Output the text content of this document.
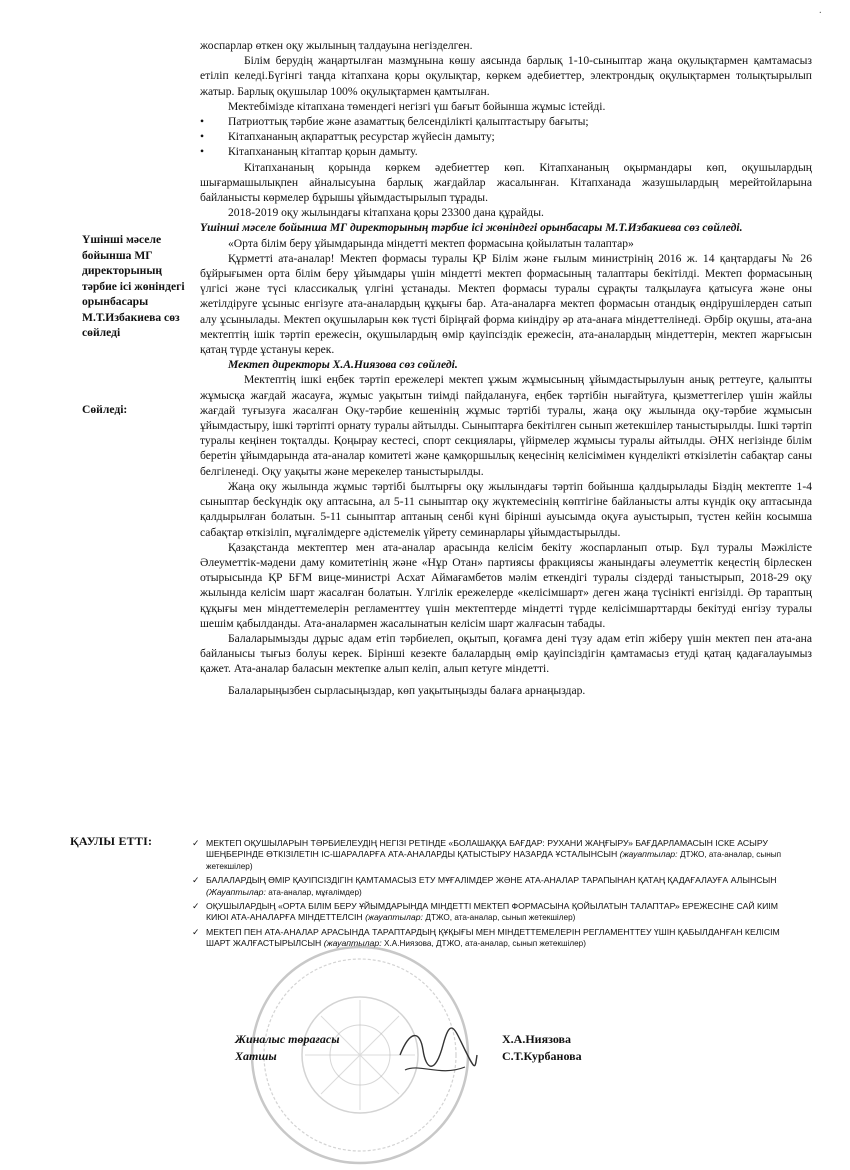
·
Үшінші мәселе бойынша МГ директорының тәрбие ісі жөніндегі орынбасары М.Т.Избакиева сөз сөйледі
Сөйледі:

жоспарлар өткен оқу жылының талдауына негізделген.

Білім берудің жаңартылған мазмұнына көшу аясында барлық 1-10-сыныптар жаңа оқулықтармен қамтамасыз етіліп келеді.Бүгінгі таңда кітапхана қоры оқулықтар, көркем әдебиеттер, электрондық оқулықтармен толықтырылып жатыр. Барлық оқушылар 100% оқулықтармен қамтылған.

Мектебімізде кітапхана төмендегі негізгі үш бағыт бойынша жұмыс істейді.

• Патриоттық тәрбие және азаматтық белсенділікті қалыптастыру бағыты;
• Кітапхананың ақпараттық ресурстар жүйесін дамыту;
• Кітапхананың кітаптар қорын дамыту.

Кітапхананың қорында көркем әдебиеттер көп. Кітапхананың оқырмандары көп, оқушылардың шығармашылықпен айналысуына барлық жағдайлар жасалынған. Кітапханада жазушылардың мерейтойларына байланысты көрмелер бұрышы ұйымдастырылып тұрады.

2018-2019 оқу жылындағы кітапхана қоры 23300 дана құрайды.

Үшінші мәселе бойынша МГ директорының тәрбие ісі жөніндегі орынбасары М.Т.Избакиева сөз сөйледі.

«Орта білім беру ұйымдарында міндетті мектеп формасына қойылатын талаптар»

Құрметті ата-аналар! Мектеп формасы туралы ҚР Білім және ғылым министрінің 2016 ж. 14 қаңтардағы № 26 бұйрығымен орта білім беру ұйымдары үшін міндетті мектеп формасының талаптары бекітілді. Мектеп формасының үлгісі және түсі классикалық үлгіні ұстанады. Мектеп формасы туралы сұрақты талқылауға қатысуға және оны жетілдіруге ұсыныс енгізуге ата-аналардың құқығы бар. Ата-аналарға мектеп формасын отандық өндірушілерден сатып алу ұсынылады. Мектеп оқушыларын көк түсті біріңғай форма киіндіру әр ата-анаға міндеттелінеді. Әрбір оқушы, ата-ана мектептің ішік тәртіп ережесін, оқушылардың өмір қауіпсіздік ережесін, ата-аналардың міндеттерін, мектеп жарғысын қатаң түрде ұстануы керек.

Мектеп директоры Х.А.Ниязова сөз сөйледі.

Мектептің ішкі еңбек тәртіп ережелері мектеп ұжым жұмысының ұйымдастырылуын анық реттеуге, қалыпты жұмысқа жағдай жасауға, жұмыс уақытын тиімді пайдалануға, еңбек тәртібін нығайтуға, қызметтегілер үшін жайлы жағдай туғызуға жасалған Оқу-тәрбие кешенінің жұмыс тәртібі туралы, жаңа оқу жылында оқу-тәрбие жұмысын ұйымдастыру, ішкі тәртіпті орнату туралы айтылды. Сыныптарға бекітілген сынып жетекшілер таныстырылды. Ішкі тәртіп туралы кеңінен тоқталды. Қоңырау кестесі, спорт секциялары, үйірмелер жұмысы туралы айтылды. ӘНХ негізінде білім беретін ұйымдарында ата-аналар комитеті және қамқоршылық кеңесінің келісімімен күнделікті өткізілетін сабақтар саны белгіленеді. Оқу уақыты және мерекелер таныстырылды.

Жаңа оқу жылында жұмыс тәртібі былтырғы оқу жылындағы тәртіп бойынша қалдырылады Біздің мектепте 1-4 сыныптар бесkүндік оқу аптасына, ал 5-11 сыныптар оқу жүктемесінің көптігіне байланысты алты күндік оқу аптасында қалдырылған болатын. 5-11 сыныптар аптаның сенбі күні бірінші ауысымда оқуға ауыстырып, түстен кейін косымша сабақтар өткізіліп, мұғалімдерге әдістемелік үйрету семинарлары ұйымдастырылды.

Қазақстанда мектептер мен ата-аналар арасында келісім бекіту жоспарланып отыр. Бұл туралы Мәжілісте Әлеуметтік-мәдени даму комитетінің және «Нұр Отан» партиясы фракциясы жанындағы әлеуметтік кеңестің бірлескен отырысында ҚР БҒМ вице-министрі Асхат Аймағамбетов мәлім еткендігі туралы сіздерді таныстырып, 2018-29 оқу жылында келісім шарт жасалған болатын. Үлгілік ережелерде «келісімшарт» деген жаңа түсінікті енгізілді. Әр тараптың құқығы мен міндеттемелерін регламенттеу үшін мектептерде міндетті түрде келісімшарттарды бекітуді енгізу туралы шешім қабылданды. Ата-аналармен жасалынатын келісім шарт жалғасын табады.

Балаларымызды дұрыс адам етіп тәрбиелеп, оқытып, қоғамға дені түзу адам етіп жіберу үшін мектеп пен ата-ана байланысы тығыз болуы керек. Бірінші кезекте балалардың өмір қауіпсіздігін қамтамасыз етуді қатаң қадағалауымыз қажет. Ата-аналар баласын мектепке алып келіп, алып кетуге міндетті.

Балаларыңызбен сырласыңыздар, көп уақытыңызды балаға арнаңыздар.

ҚАУЛЫ ЕТТІ:	✓ МЕКТЕП ОҚУШЫЛАРЫН ТӘРБИЕЛЕУДІҢ НЕГІЗІ РЕТІНДЕ «БОЛАШАҚҚА БАҒДАР: РУХАНИ ЖАҢҒЫРУ» БАҒДАРЛАМАСЫН ІСКЕ АСЫРУ ШЕҢБЕРІНДЕ ӨТКІЗІЛЕТІН ІС-ШАРАЛАРҒА АТА-АНАЛАРДЫ ҚАТЫСТЫРУ НАЗАРДА ҰСТАЛЫНСЫН (жауаптылар: ДТЖО, ата-аналар, сынып жетекшілер)
✓ БАЛАЛАРДЫҢ ӨМІР ҚАУІПСІЗДІГІН ҚАМТАМАСЫЗ ЕТУ МҰҒАЛІМДЕР ЖӘНЕ АТА-АНАЛАР ТАРАПЫНАН ҚАТАҢ ҚАДАҒАЛАУҒА АЛЫНСЫН (Жауаптылар: ата-аналар, мұғалімдер)
✓ ОҚУШЫЛАРДЫҢ «ОРТА БІЛІМ БЕРУ ҰЙЫМДАРЫНДА МІНДЕТТІ МЕКТЕП ФОРМАСЫНА ҚОЙЫЛАТЫН ТАЛАПТАР» ЕРЕЖЕСІНЕ САЙ КИІМ КИЮІ АТА-АНАЛАРҒА МІНДЕТТЕЛСІН (жауаптылар: ДТЖО, ата-аналар, сынып жетекшілер)
✓ МЕКТЕП ПЕН АТА-АНАЛАР АРАСЫНДА ТАРАПТАРДЫҢ ҚҰҚЫҒЫ МЕН МІНДЕТТЕМЕЛЕРІН РЕГЛАМЕНТТЕУ ҮШІН ҚАБЫЛДАНҒАН КЕЛІСІМ ШАРТ ЖАЛҒАСТЫРЫЛСЫН (жауаптылар: Х.А.Ниязова, ДТЖО, ата-аналар, сынып жетекшілер)
Жиналыс төрағасы
Хатшы
Х.А.Ниязова
С.Т.Курбанова
